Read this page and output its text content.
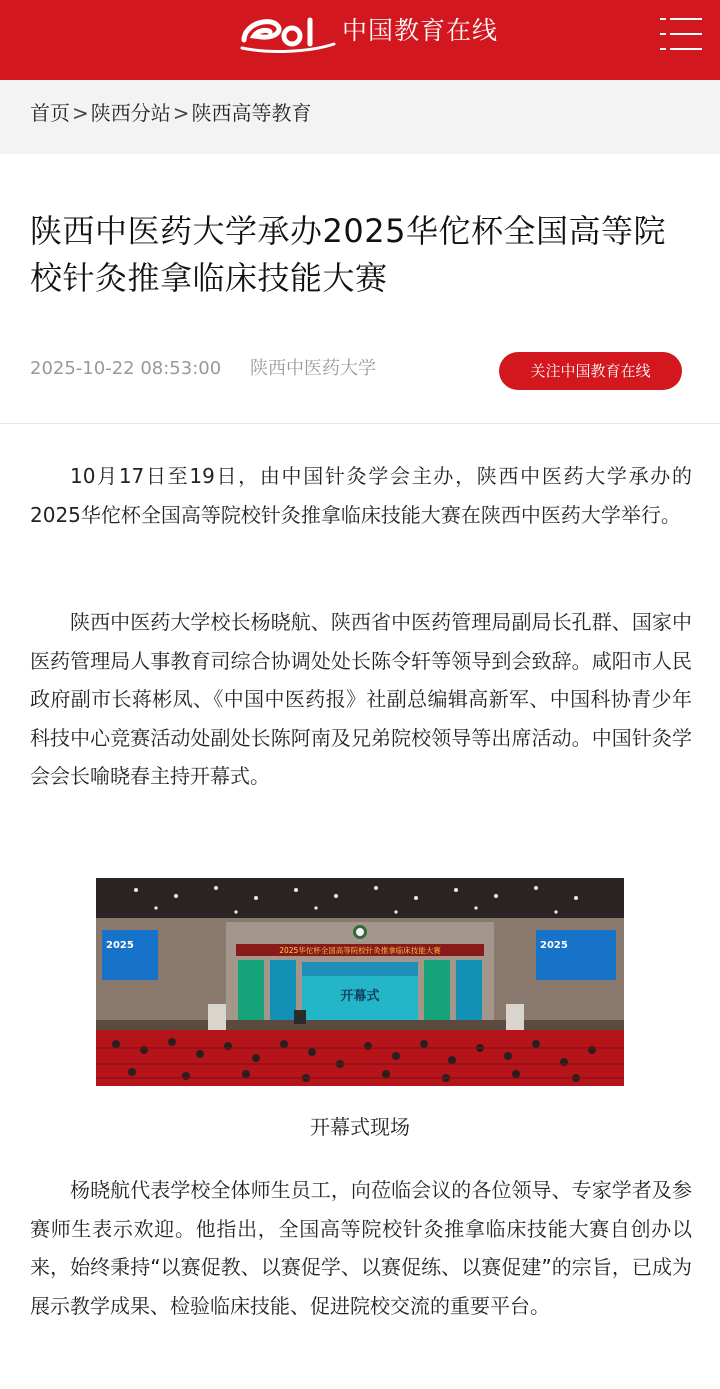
中国教育在线
首页 > 陕西分站 > 陕西高等教育
陕西中医药大学承办2025华佗杯全国高等院校针灸推拿临床技能大赛
2025-10-22 08:53:00 陕西中医药大学	关注中国教育在线

10月17日至19日，由中国针灸学会主办，陕西中医药大学承办的2025华佗杯全国高等院校针灸推拿临床技能大赛在陕西中医药大学举行。

陕西中医药大学校长杨晓航、陕西省中医药管理局副局长孔群、国家中医药管理局人事教育司综合协调处处长陈令轩等领导到会致辞。咸阳市人民政府副市长蒋彬凤、《中国中医药报》社副总编辑高新军、中国科协青少年科技中心竞赛活动处副处长陈阿南及兄弟院校领导等出席活动。中国针灸学会会长喻晓春主持开幕式。

2025华佗杯全国高等院校针灸推拿临床技能大赛
2025	2025
开幕式
开幕式现场

杨晓航代表学校全体师生员工，向莅临会议的各位领导、专家学者及参赛师生表示欢迎。他指出，全国高等院校针灸推拿临床技能大赛自创办以来，始终秉持“以赛促教、以赛促学、以赛促练、以赛促建”的宗旨，已成为展示教学成果、检验临床技能、促进院校交流的重要平台。
